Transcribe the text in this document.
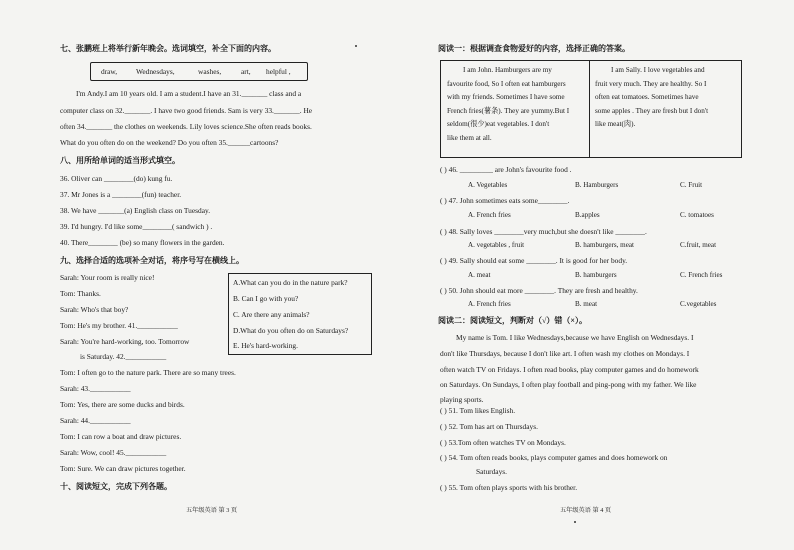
七、张鹏班上将举行新年晚会。选词填空，补全下面的内容。
draw,	Wednesdays,	washes,	art, helpful ,
I'm Andy.I am 10 years old. I am a student.I have an 31._______ class and a
computer class on 32._______. I have two good friends. Sam is very 33._______. He
often 34._______ the clothes on weekends. Lily loves science.She often reads books.
What do you often do on the weekend? Do you often 35.______cartoons?
八、用所给单词的适当形式填空。
36. Oliver can ________(do) kung fu.
37. Mr Jones is a ________(fun) teacher.
38. We have _______(a) English class on Tuesday.
39. I'd hungry. I'd like some________( sandwich ) .
40. There________ (be) so many flowers in the garden.
九、选择合适的选项补全对话，将序号写在横线上。
Sarah: Your room is really nice!
Tom: Thanks.
Sarah: Who's that boy?
Tom: He's my brother. 41.___________
Sarah: You're hard-working, too. Tomorrow
is Saturday. 42.___________
Tom: I often go to the nature park. There are so many trees.
Sarah: 43.___________
Tom: Yes, there are some ducks and birds.
Sarah: 44.___________
Tom: I can row a boat and draw pictures.
Sarah: Wow, cool! 45.___________
Tom: Sure. We can draw pictures together.
A.What can you do in the nature park?
B. Can I go with you?
C. Are there any animals?
D.What do you often do on Saturdays?
E. He's hard-working.
十、阅读短文，完成下列各题。
五年级英语 第 3 页
阅读一：根据调查食物爱好的内容，选择正确的答案。
I am John. Hamburgers are my
favourite food, So I often eat hamburgers
with my friends. Sometimes I have some
French fries(薯条). They are yummy.But I
seldom(很少)eat vegetables. I don't
like them at all.
I am Sally. I love vegetables and
fruit very much. They are healthy. So I
often eat tomatoes. Sometimes have
some apples . They are fresh but I don't
like meat(肉).
( ) 46. _________ are John's favourite food .
A. Vegetables	B. Hamburgers	C. Fruit
( ) 47. John sometimes eats some________.
A. French fries	B.apples	C. tomatoes
( ) 48. Sally loves ________very much,but she doesn't like ________.
A. vegetables , fruit	B. hamburgers, meat	C.fruit, meat
( ) 49. Sally should eat some ________. It is good for her body.
A. meat	B. hamburgers	C. French fries
( ) 50. John should eat more ________. They are fresh and healthy.
A. French fries	B. meat	C.vegetables
阅读二：阅读短文，判断对（√）错（×）。
My name is Tom. I like Wednesdays,because we have English on Wednesdays. I
don't like Thursdays, because I don't like art. I often wash my clothes on Mondays. I
often watch TV on Fridays. I often read books, play computer games and do homework
on Saturdays. On Sundays, I often play football and ping-pong with my father. We like
playing sports.
( ) 51. Tom likes English.
( ) 52. Tom has art on Thursdays.
( ) 53.Tom often watches TV on Mondays.
( ) 54. Tom often reads books, plays computer games and does homework on
Saturdays.
( ) 55. Tom often plays sports with his brother.
五年级英语 第 4 页
